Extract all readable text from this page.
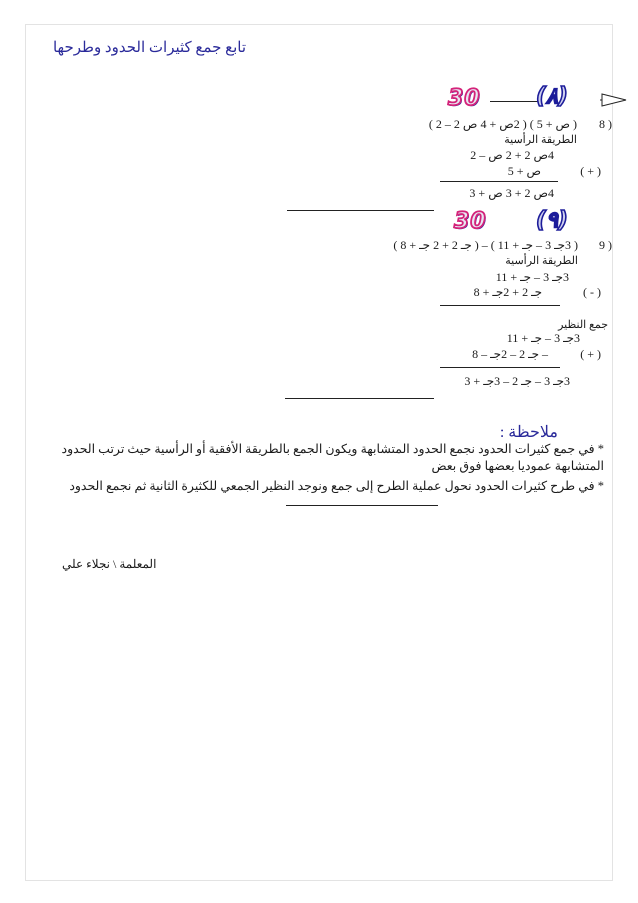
تابع جمع كثيرات الحدود وطرحها
30	(٨)
8 )
( ص + 5 ) ( 2ص + 4 ص 2 – 2 )
الطريقة الرأسية
4ص 2 + 2 ص – 2
( + )
ص + 5
4ص 2 + 3 ص + 3
30 (٩)
9 )
( 3جـ 3 – جـ + 11 ) – ( جـ 2 + 2 جـ + 8 )
الطريقة الرأسية
3جـ 3 – جـ + 11
( - )
جـ 2 + 2جـ + 8
جمع النظير
3جـ 3 – جـ + 11
( + )
– جـ 2 – 2جـ – 8
3جـ 3 – جـ 2 – 3جـ + 3
ملاحظة :
* في جمع كثيرات الحدود نجمع الحدود المتشابهة ويكون الجمع بالطريقة الأفقية أو الرأسية حيث ترتب الحدود
المتشابهة عموديا بعضها فوق بعض
* في طرح كثيرات الحدود نحول عملية الطرح إلى جمع ونوجد النظير الجمعي للكثيرة الثانية ثم نجمع الحدود
المعلمة \ نجلاء علي
